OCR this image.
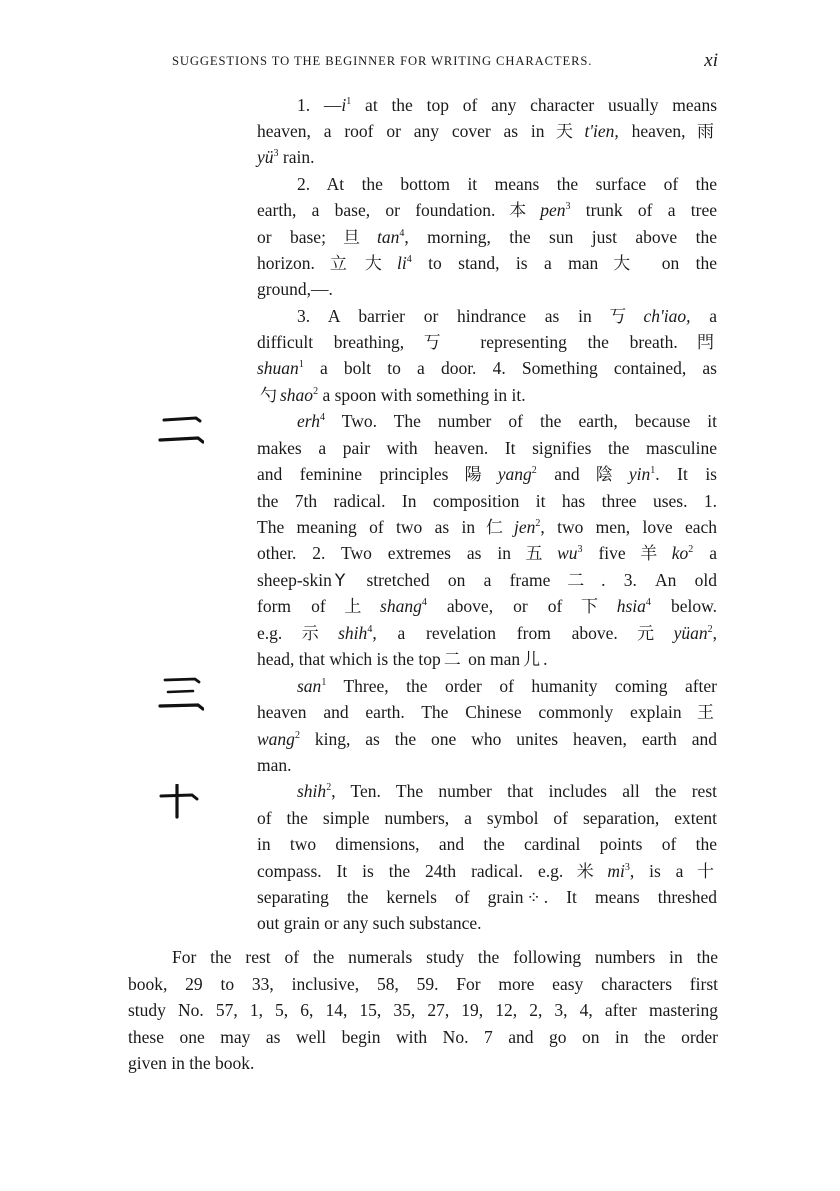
SUGGESTIONS TO THE BEGINNER FOR WRITING CHARACTERS.	xi
1. $—i^1$ at the top of any character usually means
heaven, a roof or any cover as in 天 t'ien, heaven, 雨
$yü^3$ rain.
2. At the bottom it means the surface of the
earth, a base, or foundation. 本 pen$^3$ trunk of a tree
or base; 旦 $\tan^4$, morning, the sun just above the
horizon. 立 大 $li^4$ to stand, is a man 大 on the
ground,—.
3. A barrier or hindrance as in 丂 ch'iao, a
difficult breathing, 丂 representing the breath. 閂
shuan$^1$ a bolt to a door. 4. Something contained, as
勺 shao$^2$ a spoon with something in it.
erh$^4$ Two. The number of the earth, because it
makes a pair with heaven. It signifies the masculine
and feminine principles 陽 yang$^2$ and 陰 yin$^1$. It is
the 7th radical. In composition it has three uses. 1.
The meaning of two as in 仁 jen$^2$, two men, love each
other. 2. Two extremes as in 五 $wu^3$ five 羊 $ko^2$ a
sheep-skin Y stretched on a frame 二 . 3. An old
form of 上 shang$^4$ above, or of 下 hsia$^4$ below.
e.g. 示 shih$^4$, a revelation from above. 元 yüan$^2$,
head, that which is the top 二 on man 儿 .
san$^1$ Three, the order of humanity coming after
heaven and earth. The Chinese commonly explain 王
wang$^2$ king, as the one who unites heaven, earth and
man.
shih$^2$, Ten. The number that includes all the rest
of the simple numbers, a symbol of separation, extent
in two dimensions, and the cardinal points of the
compass. It is the 24th radical. e.g. 米 $mi^3$, is a 十
separating the kernels of grain ⁘ . It means threshed
out grain or any such substance.
For the rest of the numerals study the following numbers in the
book, 29 to 33, inclusive, 58, 59. For more easy characters first
study No. 57, 1, 5, 6, 14, 15, 35, 27, 19, 12, 2, 3, 4, after mastering
these one may as well begin with No. 7 and go on in the order
given in the book.
